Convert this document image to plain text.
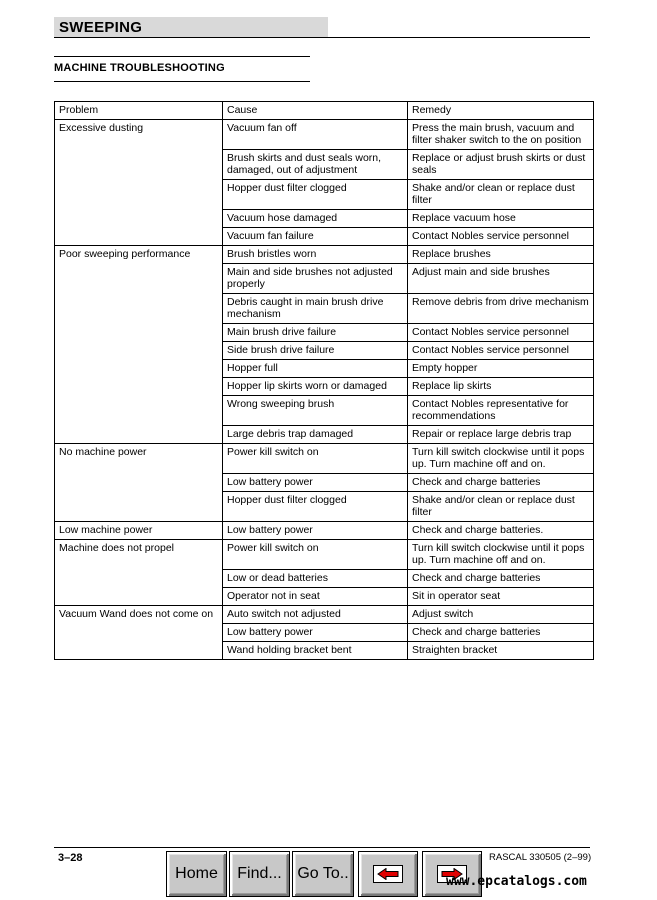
SWEEPING
MACHINE TROUBLESHOOTING
Problem	Cause	Remedy
Excessive dusting	Vacuum fan off	Press the main brush, vacuum and filter shaker switch to the on position
	Brush skirts and dust seals worn, damaged, out of adjustment	Replace or adjust brush skirts or dust seals
	Hopper dust filter clogged	Shake and/or clean or replace dust filter
	Vacuum hose damaged	Replace vacuum hose
	Vacuum fan failure	Contact Nobles service personnel
Poor sweeping performance	Brush bristles worn	Replace brushes
	Main and side brushes not adjusted properly	Adjust main and side brushes
	Debris caught in main brush drive mechanism	Remove debris from drive mechanism
	Main brush drive failure	Contact Nobles service personnel
	Side brush drive failure	Contact Nobles service personnel
	Hopper full	Empty hopper
	Hopper lip skirts worn or damaged	Replace lip skirts
	Wrong sweeping brush	Contact Nobles representative for recommendations
	Large debris trap damaged	Repair or replace large debris trap
No machine power	Power kill switch on	Turn kill switch clockwise until it pops up. Turn machine off and on.
	Low battery power	Check and charge batteries
	Hopper dust filter clogged	Shake and/or clean or replace dust filter
Low machine power	Low battery power	Check and charge batteries.
Machine does not propel	Power kill switch on	Turn kill switch clockwise until it pops up. Turn machine off and on.
	Low or dead batteries	Check and charge batteries
	Operator not in seat	Sit in operator seat
Vacuum Wand does not come on	Auto switch not adjusted	Adjust switch
	Low battery power	Check and charge batteries
	Wand holding bracket bent	Straighten bracket
3–28	RASCAL 330505 (2–99)
Home Find... Go To..	www.epcatalogs.com
